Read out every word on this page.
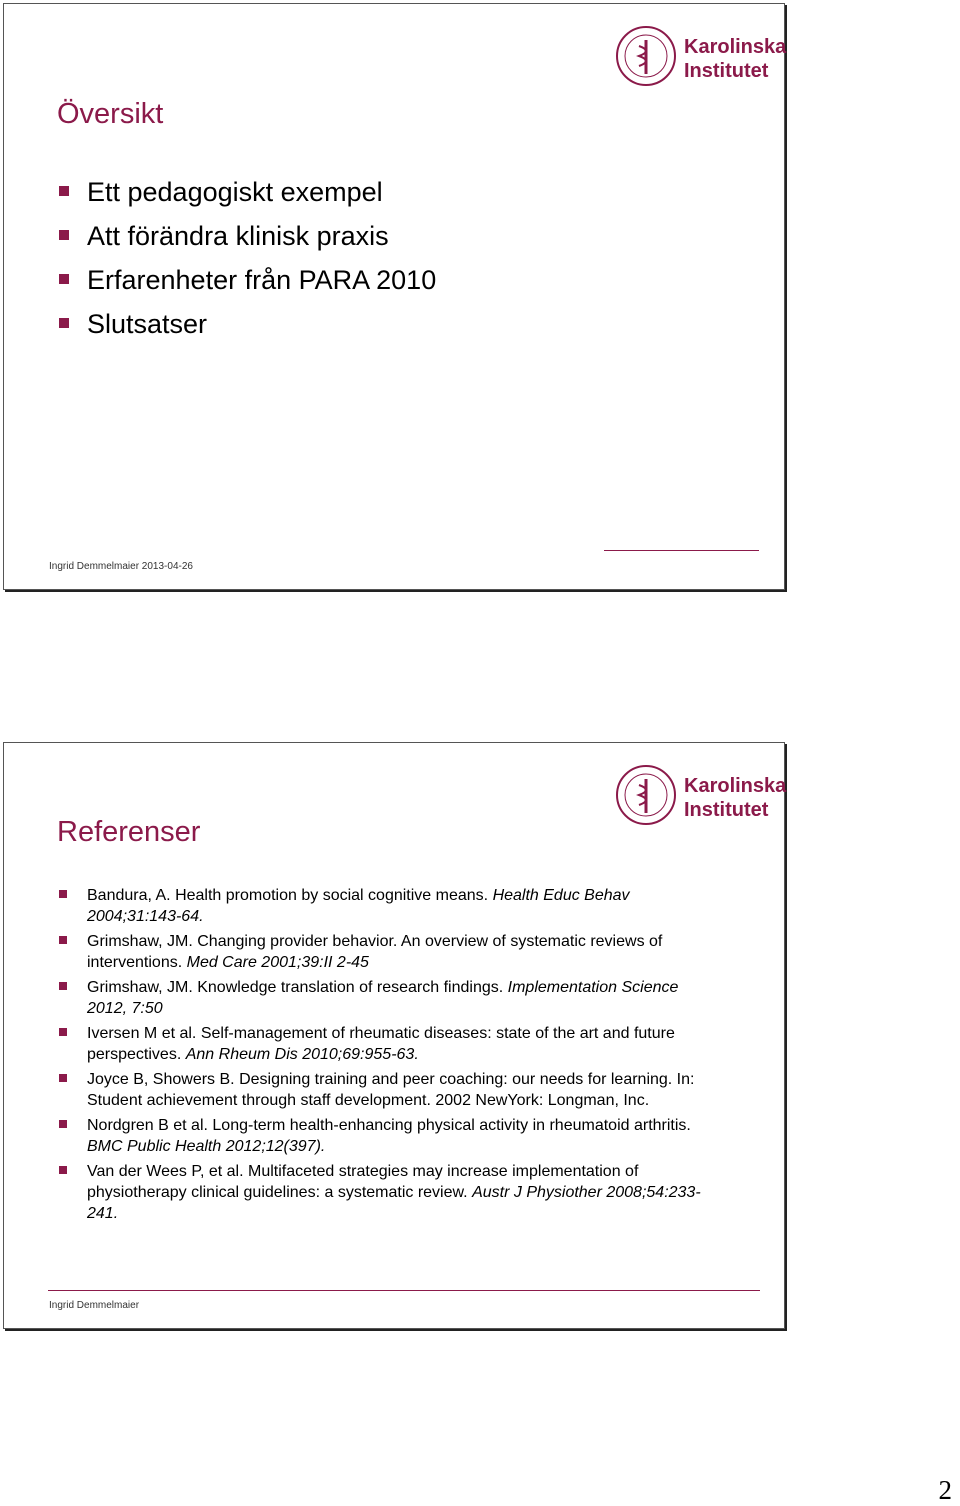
Karolinska
Institutet
Översikt
Ett pedagogiskt exempel
Att förändra klinisk praxis
Erfarenheter från PARA 2010
Slutsatser
Ingrid Demmelmaier 2013-04-26
Karolinska
Institutet
Referenser
Bandura, A. Health promotion by social cognitive means. Health Educ Behav 2004;31:143-64.
Grimshaw, JM. Changing provider behavior. An overview of systematic reviews of interventions. Med Care 2001;39:II 2-45
Grimshaw, JM. Knowledge translation of research findings. Implementation Science 2012, 7:50
Iversen M et al. Self-management of rheumatic diseases: state of the art and future perspectives. Ann Rheum Dis 2010;69:955-63.
Joyce B, Showers B. Designing training and peer coaching: our needs for learning. In: Student achievement through staff development. 2002 NewYork: Longman, Inc.
Nordgren B et al. Long-term health-enhancing physical activity in rheumatoid arthritis. BMC Public Health 2012;12(397).
Van der Wees P, et al. Multifaceted strategies may increase implementation of physiotherapy clinical guidelines: a systematic review. Austr J Physiother 2008;54:233-241.
Ingrid Demmelmaier
2
